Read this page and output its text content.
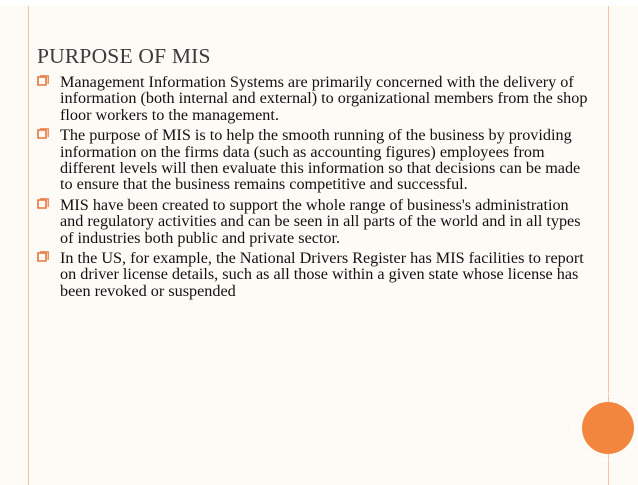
PURPOSE OF MIS
Management Information Systems are primarily concerned with the delivery of information (both internal and external) to organizational members from the shop floor workers to the management.
The purpose of MIS is to help the smooth running of the business by providing information on the firms data (such as accounting figures) employees from different levels will then evaluate this information so that decisions can be made to ensure that the business remains competitive and successful.
MIS have been created to support the whole range of business's administration and regulatory activities and can be seen in all parts of the world and in all types of industries both public and private sector.
In the US, for example, the National Drivers Register has MIS facilities to report on driver license details, such as all those within a given state whose license has been revoked or suspended
